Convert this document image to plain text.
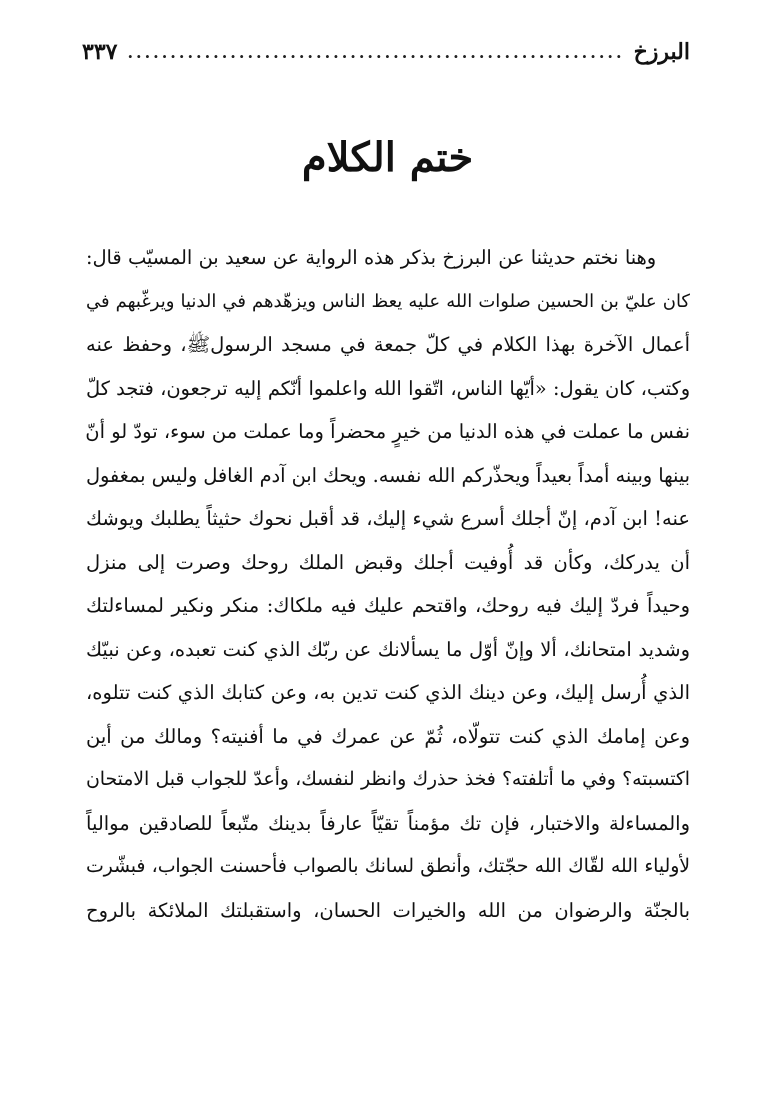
البرزخ
.....
٣٣٧
ختم الكلام
وهنا نختم حديثنا عن البرزخ بذكر هذه الرواية عن سعيد بن المسيّب قال:
كان عليّ بن الحسين صلوات الله عليه يعظ الناس ويزهّدهم في الدنيا ويرغّبهم في
أعمال الآخرة بهذا الكلام في كلّ جمعة في مسجد الرسولﷺ، وحفظ عنه
وكتب، كان يقول: «أيّها الناس، اتّقوا الله واعلموا أنّكم إليه ترجعون، فتجد كلّ
نفس ما عملت في هذه الدنيا من خيرٍ محضراً وما عملت من سوء، تودّ لو أنّ
بينها وبينه أمداً بعيداً ويحذّركم الله نفسه. ويحك ابن آدم الغافل وليس بمغفول
عنه! ابن آدم، إنّ أجلك أسرع شيء إليك، قد أقبل نحوك حثيثاً يطلبك ويوشك
أن يدركك، وكأن قد أُوفيت أجلك وقبض الملك روحك وصرت إلى منزل
وحيداً فردّ إليك فيه روحك، واقتحم عليك فيه ملكاك: منكر ونكير لمساءلتك
وشديد امتحانك، ألا وإنّ أوّل ما يسألانك عن ربّك الذي كنت تعبده، وعن نبيّك
الذي أُرسل إليك، وعن دينك الذي كنت تدين به، وعن كتابك الذي كنت تتلوه،
وعن إمامك الذي كنت تتولّاه، ثُمّ عن عمرك في ما أفنيته؟ ومالك من أين
اكتسبته؟ وفي ما أتلفته؟ فخذ حذرك وانظر لنفسك، وأعدّ للجواب قبل الامتحان
والمساءلة والاختبار، فإن تك مؤمناً تقيّاً عارفاً بدينك متّبعاً للصادقين موالياً
لأولياء الله لقّاك الله حجّتك، وأنطق لسانك بالصواب فأحسنت الجواب، فبشّرت
بالجنّة والرضوان من الله والخيرات الحسان، واستقبلتك الملائكة بالروح
